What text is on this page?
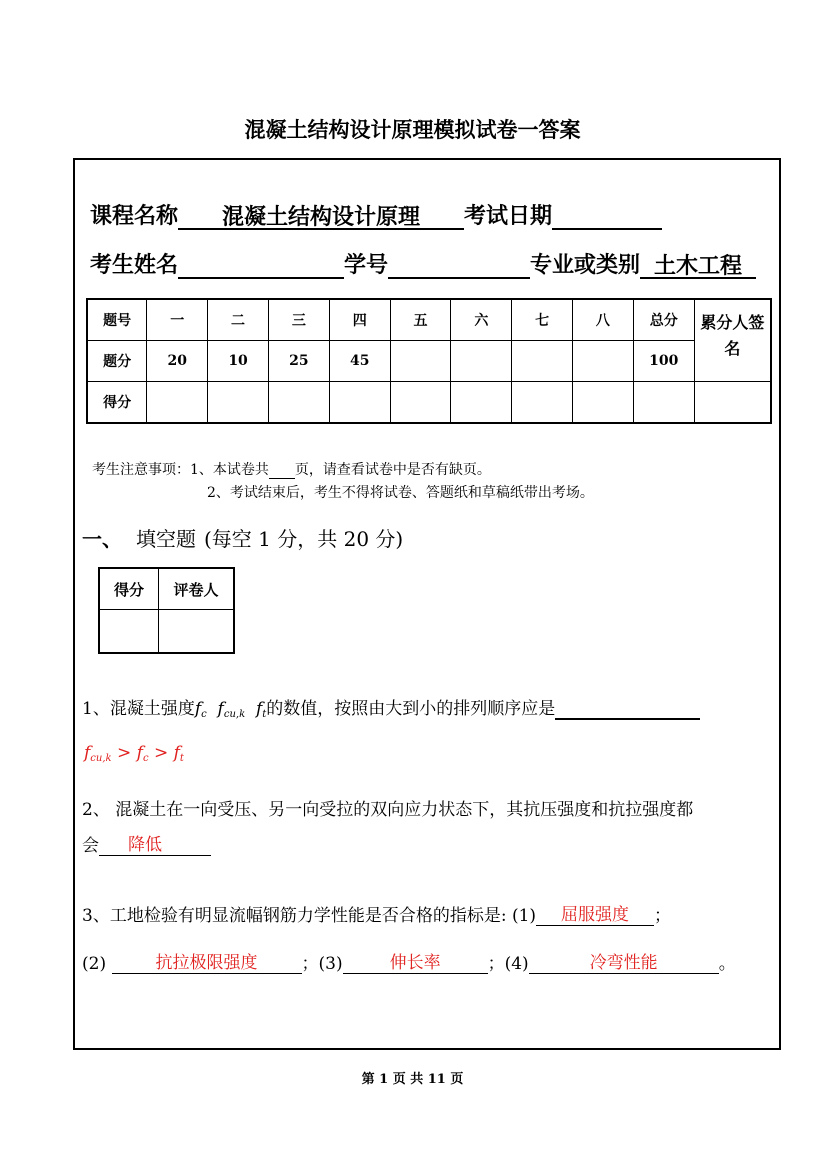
混凝土结构设计原理模拟试卷一答案
课程名称 混凝土结构设计原理 考试日期
考生姓名	学号	专业或类别 土木工程
题号	一	二	三	四	五	六	七	八	总分	累分人签名
题分	20	10	25	45					100	
得分										
考生注意事项：1、本试卷共 页，请查看试卷中是否有缺页。
2、考试结束后，考生不得将试卷、答题纸和草稿纸带出考场。
一、 填空题 (每空 1 分，共 20 分)
得分	评卷人

1、混凝土强度$f_c$ $f_{cu,k}$ $f_t$的数值，按照由大到小的排列顺序应是
$f_{cu,k} > f_c > f_t$
2、 混凝土在一向受压、另一向受拉的双向应力状态下，其抗压强度和抗拉强度都
会 降低
3、工地检验有明显流幅钢筋力学性能是否合格的指标是: (1) 屈服强度 ；
(2)	抗拉极限强度	；(3)	伸长率	；(4)	冷弯性能	。
第 1 页 共 11 页
